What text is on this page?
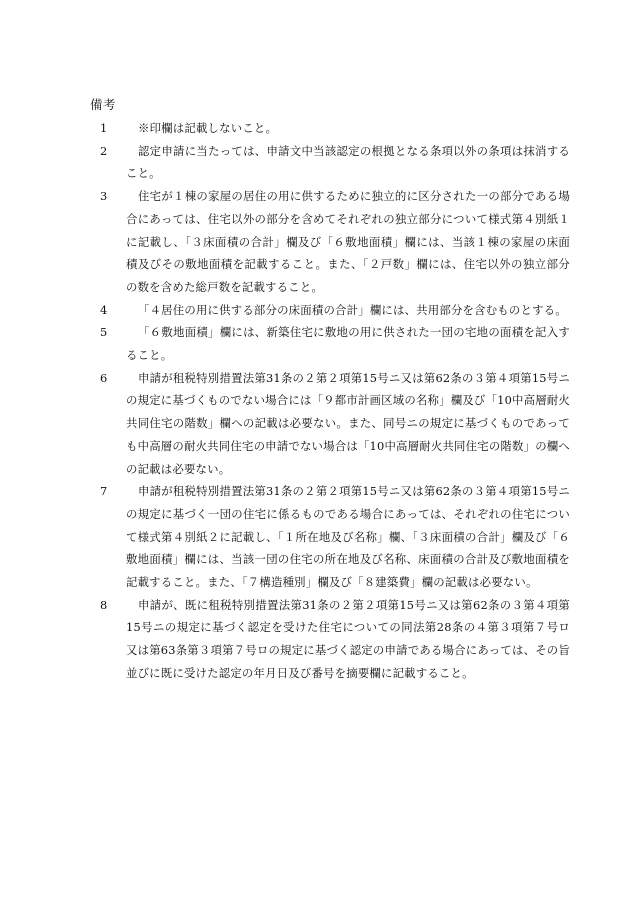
備考
1	※印欄は記載しないこと。
2	認定申請に当たっては、申請文中当該認定の根拠となる条項以外の条項は抹消すること。
3	住宅が１棟の家屋の居住の用に供するために独立的に区分された一の部分である場合にあっては、住宅以外の部分を含めてそれぞれの独立部分について様式第４別紙１に記載し、「３床面積の合計」欄及び「６敷地面積」欄には、当該１棟の家屋の床面積及びその敷地面積を記載すること。また、「２戸数」欄には、住宅以外の独立部分の数を含めた総戸数を記載すること。
4	「４居住の用に供する部分の床面積の合計」欄には、共用部分を含むものとする。
5	「６敷地面積」欄には、新築住宅に敷地の用に供された一団の宅地の面積を記入すること。
6	申請が租税特別措置法第31条の２第２項第15号ニ又は第62条の３第４項第15号ニの規定に基づくものでない場合には「９都市計画区域の名称」欄及び「10中高層耐火共同住宅の階数」欄への記載は必要ない。また、同号ニの規定に基づくものであっても中高層の耐火共同住宅の申請でない場合は「10中高層耐火共同住宅の階数」の欄への記載は必要ない。
7	申請が租税特別措置法第31条の２第２項第15号ニ又は第62条の３第４項第15号ニの規定に基づく一団の住宅に係るものである場合にあっては、それぞれの住宅について様式第４別紙２に記載し、「１所在地及び名称」欄、「３床面積の合計」欄及び「６敷地面積」欄には、当該一団の住宅の所在地及び名称、床面積の合計及び敷地面積を記載すること。また、「７構造種別」欄及び「８建築費」欄の記載は必要ない。
8	申請が、既に租税特別措置法第31条の２第２項第15号ニ又は第62条の３第４項第15号ニの規定に基づく認定を受けた住宅についての同法第28条の４第３項第７号ロ又は第63条第３項第７号ロの規定に基づく認定の申請である場合にあっては、その旨並びに既に受けた認定の年月日及び番号を摘要欄に記載すること。
